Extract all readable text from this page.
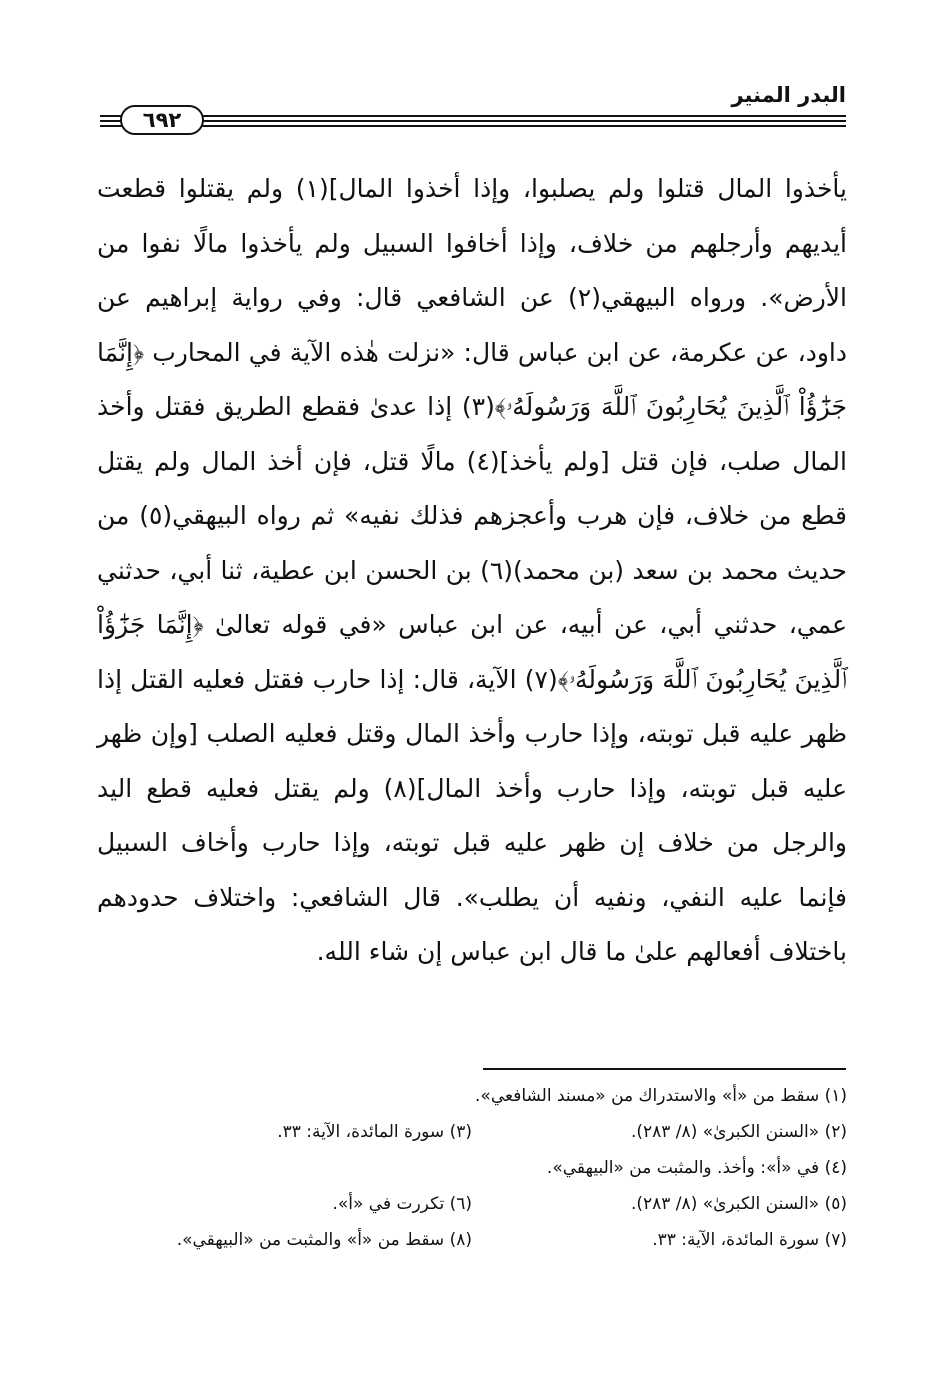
البدر المنير
٦٩٢

يأخذوا المال قتلوا ولم يصلبوا، وإذا أخذوا المال](١) ولم يقتلوا قطعت أيديهم وأرجلهم من خلاف، وإذا أخافوا السبيل ولم يأخذوا مالًا نفوا من الأرض». ورواه البيهقي(٢) عن الشافعي قال: وفي رواية إبراهيم عن داود، عن عكرمة، عن ابن عباس قال: «نزلت هٰذه الآية في المحارب ﴿إِنَّمَا جَزَٰٓؤُاْ ٱلَّذِينَ يُحَارِبُونَ ٱللَّهَ وَرَسُولَهُۥ﴾(٣) إذا عدىٰ فقطع الطريق فقتل وأخذ المال صلب، فإن قتل [ولم يأخذ](٤) مالًا قتل، فإن أخذ المال ولم يقتل قطع من خلاف، فإن هرب وأعجزهم فذلك نفيه» ثم رواه البيهقي(٥) من حديث محمد بن سعد (بن محمد)(٦) بن الحسن ابن عطية، ثنا أبي، حدثني عمي، حدثني أبي، عن أبيه، عن ابن عباس «في قوله تعالىٰ ﴿إِنَّمَا جَزَٰٓؤُاْ ٱلَّذِينَ يُحَارِبُونَ ٱللَّهَ وَرَسُولَهُۥ﴾(٧) الآية، قال: إذا حارب فقتل فعليه القتل إذا ظهر عليه قبل توبته، وإذا حارب وأخذ المال وقتل فعليه الصلب [وإن ظهر عليه قبل توبته، وإذا حارب وأخذ المال](٨) ولم يقتل فعليه قطع اليد والرجل من خلاف إن ظهر عليه قبل توبته، وإذا حارب وأخاف السبيل فإنما عليه النفي، ونفيه أن يطلب». قال الشافعي: واختلاف حدودهم باختلاف أفعالهم علىٰ ما قال ابن عباس إن شاء الله.

(١) سقط من «أ» والاستدراك من «مسند الشافعي».
(٢) «السنن الكبرىٰ» (٨/ ٢٨٣).
(٣) سورة المائدة، الآية: ٣٣.
(٤) في «أ»: وأخذ. والمثبت من «البيهقي».
(٥) «السنن الكبرىٰ» (٨/ ٢٨٣).
(٦) تكررت في «أ».
(٧) سورة المائدة، الآية: ٣٣.
(٨) سقط من «أ» والمثبت من «البيهقي».
